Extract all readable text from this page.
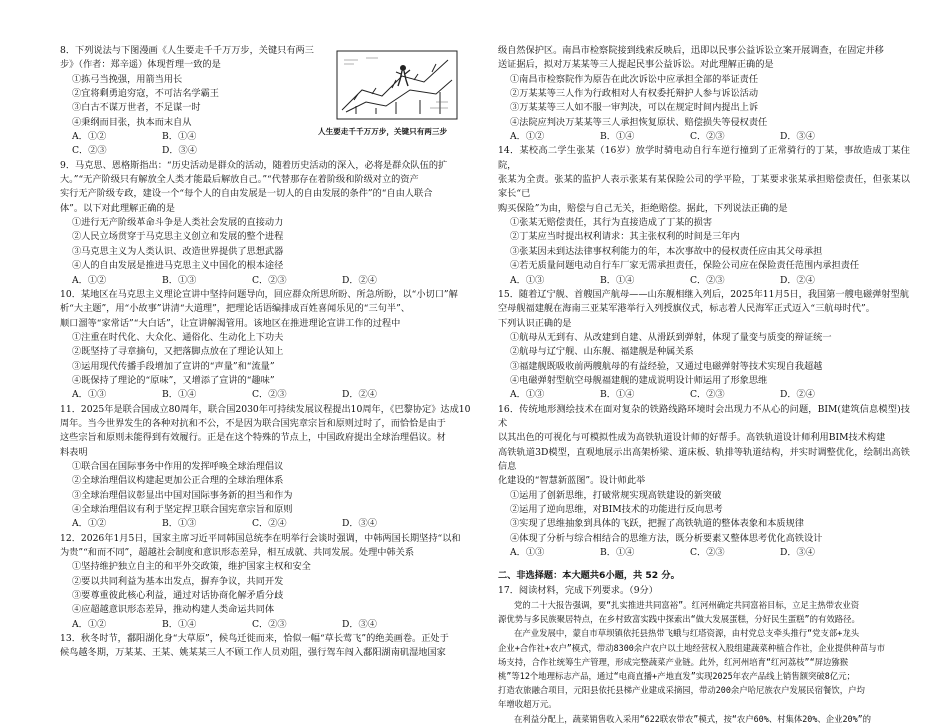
8．下列说法与下图漫画《人生要走千千万万步，关键只有两三

步》（作者：郑辛遥）体现哲理一致的是

①拣弓当挽强，用箭当用长

②宜将剩勇追穷寇，不可沽名学霸王

③白古不谋万世者，不足谋一时

④秉纲而目张，执本而末自从

A．①②	B．①④
C．②③	D．③④

9．马克思、恩格斯指出：“历史活动是群众的活动，随着历史活动的深入，必将是群众队伍的扩

大。”“无产阶级只有解放全人类才能最后解放自己。”“代替那存在着阶级和阶级对立的资产

实行无产阶级专政，建设一个“每个人的自由发展是一切人的自由发展的条件”的“自由人联合

体”。以下对此理解正确的是

①进行无产阶级革命斗争是人类社会发展的直接动力

②人民立场贯穿于马克思主义创立和发展的整个进程

③马克思主义为人类认识、改造世界提供了思想武器

④人的自由发展是推进马克思主义中国化的根本途径

A．①②	B．①③	C．②③	D．②④

10．某地区在马克思主义理论宣讲中坚持问题导向，回应群众所思所盼、所急所盼，以“小切口”解

析“大主题”，用“小故事”讲清“大道理”，把理论话语编排成百姓喜闻乐见的“三句半”、

顺口溜等“家常话”“大白话”，让宣讲解渴管用。该地区在推进理论宣讲工作的过程中

①注重在时代化、大众化、通俗化、生动化上下功夫

②既坚持了寻章摘句，又把落脚点放在了理论认知上

③运用现代传播手段增加了宣讲的“声量”和“流量”

④既保持了理论的“原味”，又增添了宣讲的“趣味”

A．①③	B．①④	C．②③	D．②④

11．2025年是联合国成立80周年，联合国2030年可持续发展议程提出10周年，《巴黎协定》达成10

周年。当今世界发生的各种对抗和不公，不是因为联合国宪章宗旨和原则过时了，而恰恰是由于

这些宗旨和原则未能得到有效履行。正是在这个特殊的节点上，中国政府提出全球治理倡议。材

料表明

①联合国在国际事务中作用的发挥呼唤全球治理倡议

②全球治理倡议构建起更加公正合理的全球治理体系

③全球治理倡议彰显出中国对国际事务新的担当和作为

④全球治理倡议有利于坚定捍卫联合国宪章宗旨和原则

A．①②	B．①③	C．②④	D．③④

12．2026年1月5日，国家主席习近平同韩国总统李在明举行会谈时强调，中韩两国长期坚持“以和

为贵”“和而不同”，超越社会制度和意识形态差异，相互成就、共同发展。处理中韩关系

①坚持维护独立自主的和平外交政策，维护国家主权和安全

②要以共同利益为基本出发点，摒弃争议，共同开发

③要尊重彼此核心利益，通过对话协商化解矛盾分歧

④应超越意识形态差异，推动构建人类命运共同体

A．①②	B．①④	C．②③	D．③④

13．秋冬时节，鄱阳湖化身“大草原”，候鸟迁徙而来，恰似一幅“草长莺飞”的绝美画卷。正处于

候鸟越冬期，万某某、王某、姚某某三人不顾工作人员劝阻，强行驾车闯入鄱阳湖南矶湿地国家

人生要走千千万万步，关键只有两三步

级自然保护区。南昌市检察院接到线索反映后，迅即以民事公益诉讼立案开展调查，在固定并移

送证据后，拟对万某某等三人提起民事公益诉讼。对此理解正确的是

①南昌市检察院作为原告在此次诉讼中应承担全部的举证责任

②万某某等三人作为行政相对人有权委托辩护人参与诉讼活动

③万某某等三人如不服一审判决，可以在规定时间内提出上诉

④法院应判决万某某等三人承担恢复原状、赔偿损失等侵权责任

A．①②	B．①④	C．②③	D．③④

14．某校高二学生张某（16岁）放学时骑电动自行车逆行撞到了正常骑行的丁某，事故造成丁某住院，

张某为全责。张某的监护人表示张某有某保险公司的学平险，丁某要求张某承担赔偿责任，但张某以家长“已

购买保险”为由，赔偿与自己无关，拒绝赔偿。据此，下列说法正确的是

①张某无赔偿责任，其行为直接造成了丁某的损害

②丁某应当时提出权利请求：其主张权利的时间是三年内

③张某因未到达法律事权利能力的年，本次事故中的侵权责任应由其父母承担

④若无质量问题电动自行车厂家无需承担责任，保险公司应在保险责任范围内承担责任

A．①③	B．①④	C．②③	D．②④

15．随着辽宁舰、首艘国产航母——山东舰相继入列后，2025年11月5日，我国第一艘电磁弹射型航

空母舰福建舰在海南三亚某军港举行入列授旗仪式，标志着人民海军正式迈入“三航母时代”。

下列认识正确的是

①航母从无到有、从改建到自建、从滑跃到弹射，体现了量变与质变的辩证统一

②航母与辽宁舰、山东舰、福建舰是种属关系

③福建舰既吸收前两艘航母的有益经验，又通过电磁弹射等技术实现自我超越

④电磁弹射型航空母舰福建舰的建成说明设计师运用了形象思维

A．①③	B．①④	C．②③	D．②④

16．传统地形测绘技术在面对复杂的铁路线路环境时会出现力不从心的问题，BIM(建筑信息模型)技术

以其出色的可视化与可模拟性成为高铁轨道设计师的好帮手。高铁轨道设计师利用BIM技术构建

高铁轨道3D模型，直观地展示出高架桥梁、道床板、轨排等轨道结构，并实时调整优化，绘制出高铁信息

化建设的“智慧新蓝图”。设计师此举

①运用了创新思维，打破常规实现高铁建设的新突破

②运用了逆向思维，对BIM技术的功能进行反向思考

③实现了思维抽象到具体的飞跃，把握了高铁轨道的整体表象和本质规律

④体现了分析与综合相结合的思维方法，既分析要素又整体思考优化高铁设计

A．①③	B．①④	C．②③	D．③④

二、非选择题：本大题共6小题，共 52 分。

17．阅读材料，完成下列要求。（9分）

党的二十大报告强调，要“扎实推进共同富裕”。红河州确定共同富裕目标，立足主热带农业资

源优势与多民族聚居特点，在乡村致富实践中探索出“做大发展蛋糕，分好民生蛋糕”的有效路径。

在产业发展中，蒙自市草坝镇依托县热带飞蛾与红塔资源，由村党总支牵头推行“党支部+龙头

企业+合作社+农户”模式，带动8300余户农户以土地经营权入股组建蔬菜种植合作社，企业提供种苗与市

场支持，合作社统筹生产管理，形成完整蔬菜产业链。此外，红河州培育“红河荔枝”“屏边猕猴

桃”等12个地理标志产品，通过“电商直播+产地直发”实现2025年农产品线上销售额突破8亿元；

打造农旅融合项目，元阳县依托县梯产业建成采摘园，带动200余户哈尼族农户发展民宿餐饮，户均

年增收超万元。

在利益分配上，蔬菜销售收入采用“622联农带农”模式，按“农户60%、村集体20%、企业20%”的
